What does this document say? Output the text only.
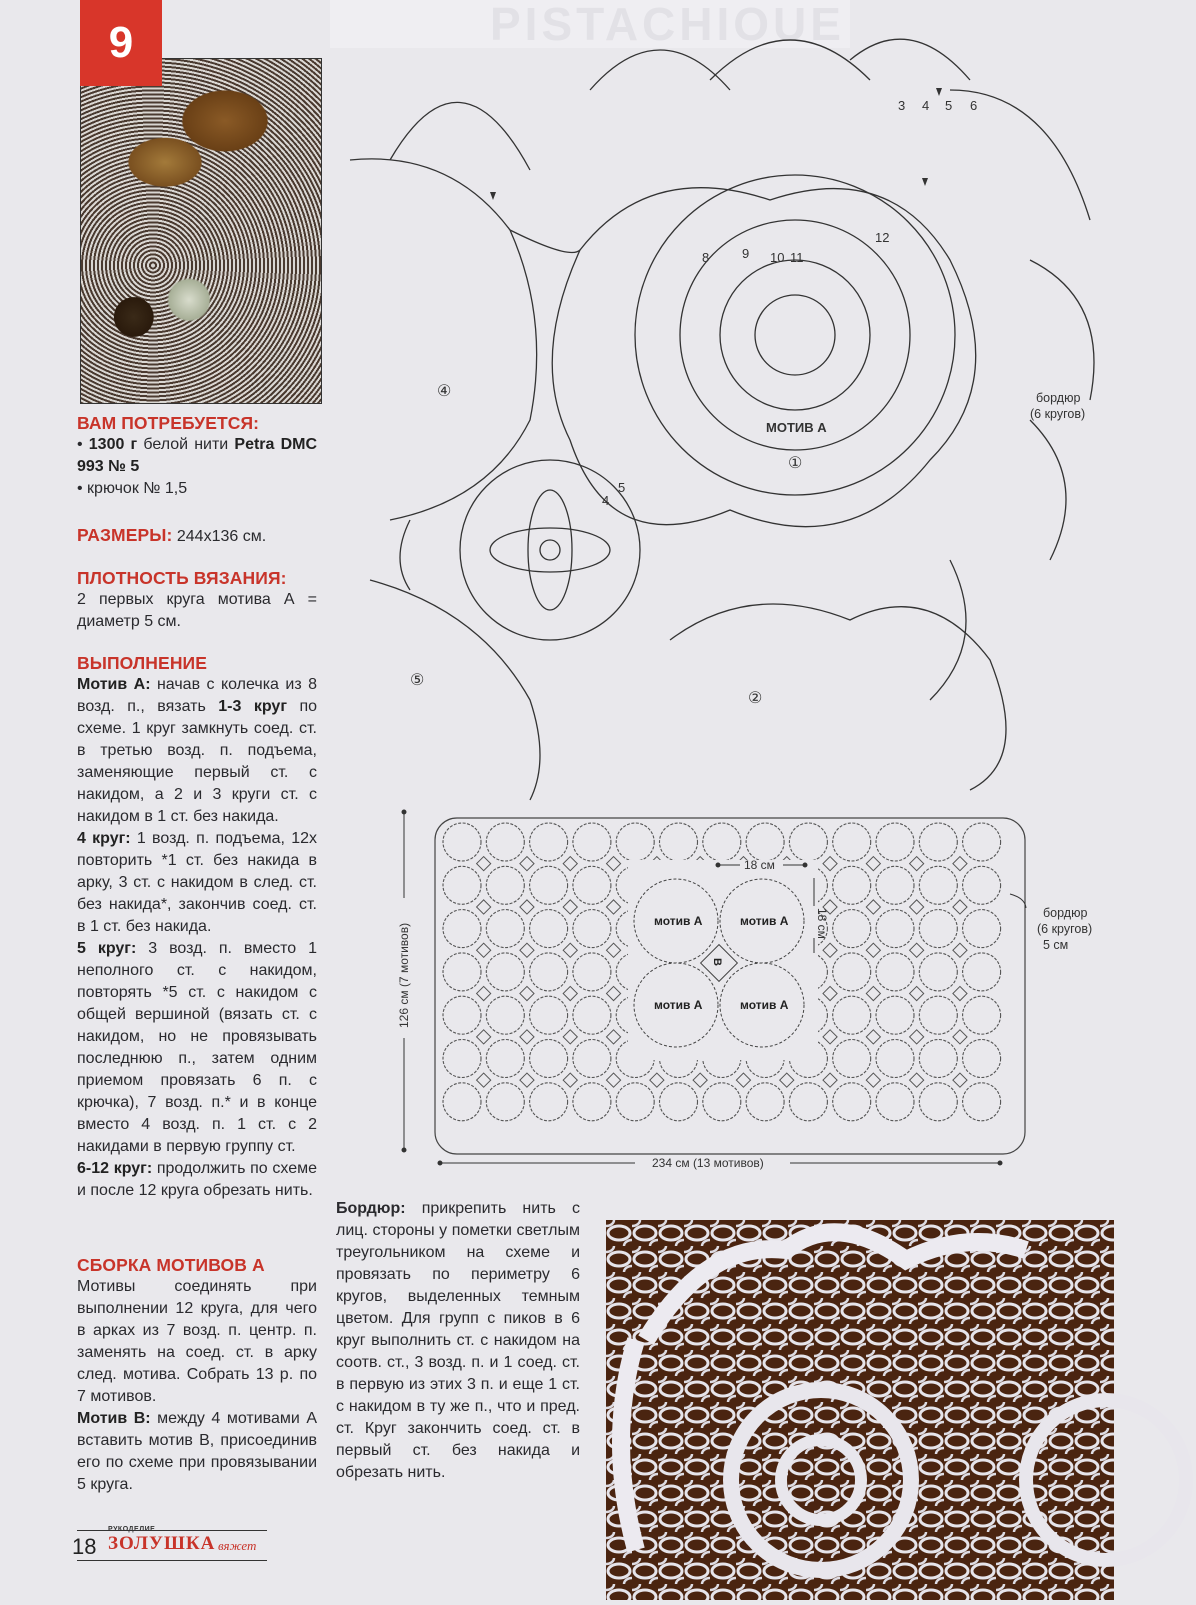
PISTACHIOUE
9
ВАМ ПОТРЕБУЕТСЯ:
• 1300 г белой нити Petra DMC 993 № 5
• крючок № 1,5
РАЗМЕРЫ: 244x136 см.
ПЛОТНОСТЬ ВЯЗАНИЯ:
2 первых круга мотива А = диаметр 5 см.
ВЫПОЛНЕНИЕ
Мотив А: начав с колечка из 8 возд. п., вязать 1-3 круг по схеме. 1 круг замкнуть соед. ст. в третью возд. п. подъема, заменяющие первый ст. с накидом, а 2 и 3 круги ст. с накидом в 1 ст. без накида.
4 круг: 1 возд. п. подъема, 12х повторить *1 ст. без накида в арку, 3 ст. с накидом в след. ст. без накида*, закончив соед. ст. в 1 ст. без накида.
5 круг: 3 возд. п. вместо 1 неполного ст. с накидом, повторять *5 ст. с накидом с общей вершиной (вязать ст. с накидом, но не провязывать последнюю п., затем одним приемом провязать 6 п. с крючка), 7 возд. п.* и в конце вместо 4 возд. п. 1 ст. с 2 накидами в первую группу ст.
6-12 круг: продолжить по схеме и после 12 круга обрезать нить.
СБОРКА МОТИВОВ А
Мотивы соединять при выполнении 12 круга, для чего в арках из 7 возд. п. центр. п. заменять на соед. ст. в арку след. мотива. Собрать 13 р. по 7 мотивов.
Мотив В: между 4 мотивами А вставить мотив В, присоединив его по схеме при провязывании 5 круга.
18
РУКОДЕЛИЕ
ЗОЛУШКА вяжет
Бордюр: прикрепить нить с лиц. стороны у пометки светлым треугольником на схеме и провязать по периметру 6 кругов, выделенных темным цветом. Для групп с пиков в 6 круг выполнить ст. с накидом на соотв. ст., 3 возд. п. и 1 соед. ст. в первую из этих 3 п. и еще 1 ст. с накидом в ту же п., что и пред. ст. Круг закончить соед. ст. в первый ст. без накида и обрезать нить.
МОТИВ А
①
②
④
⑤
3 4 5 6
12
11
10
9
8
4
5
бордюр
(6 кругов)
мотив А	мотив А
мотив А	мотив А
В
18 см
18 см
126 см (7 мотивов)
234 см (13 мотивов)
бордюр
(6 кругов)
5 см
